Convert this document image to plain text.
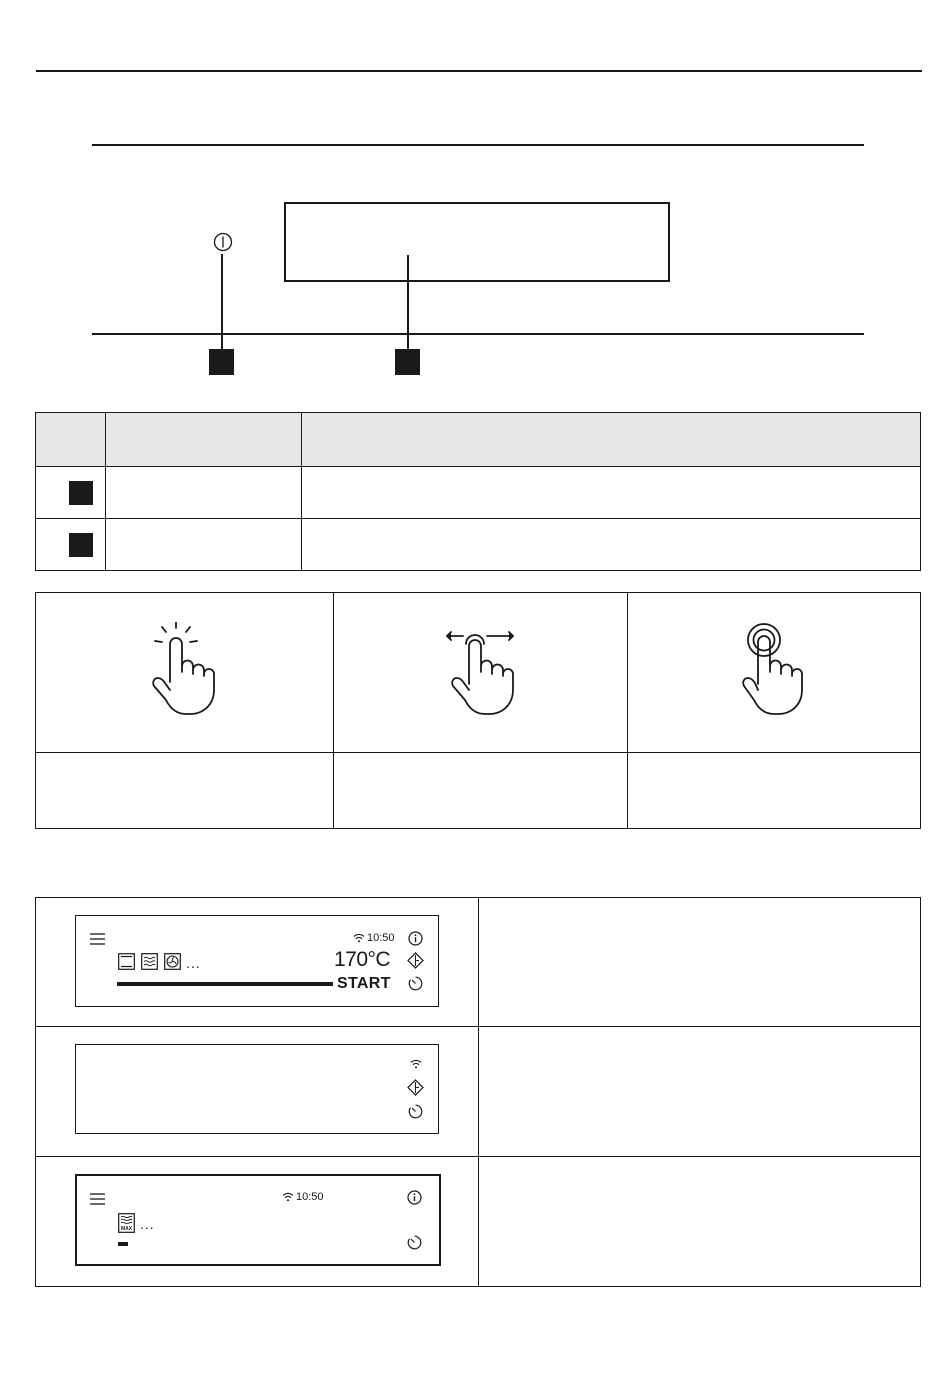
...
10:50
170°C
START	

10:50
MAX ...	
